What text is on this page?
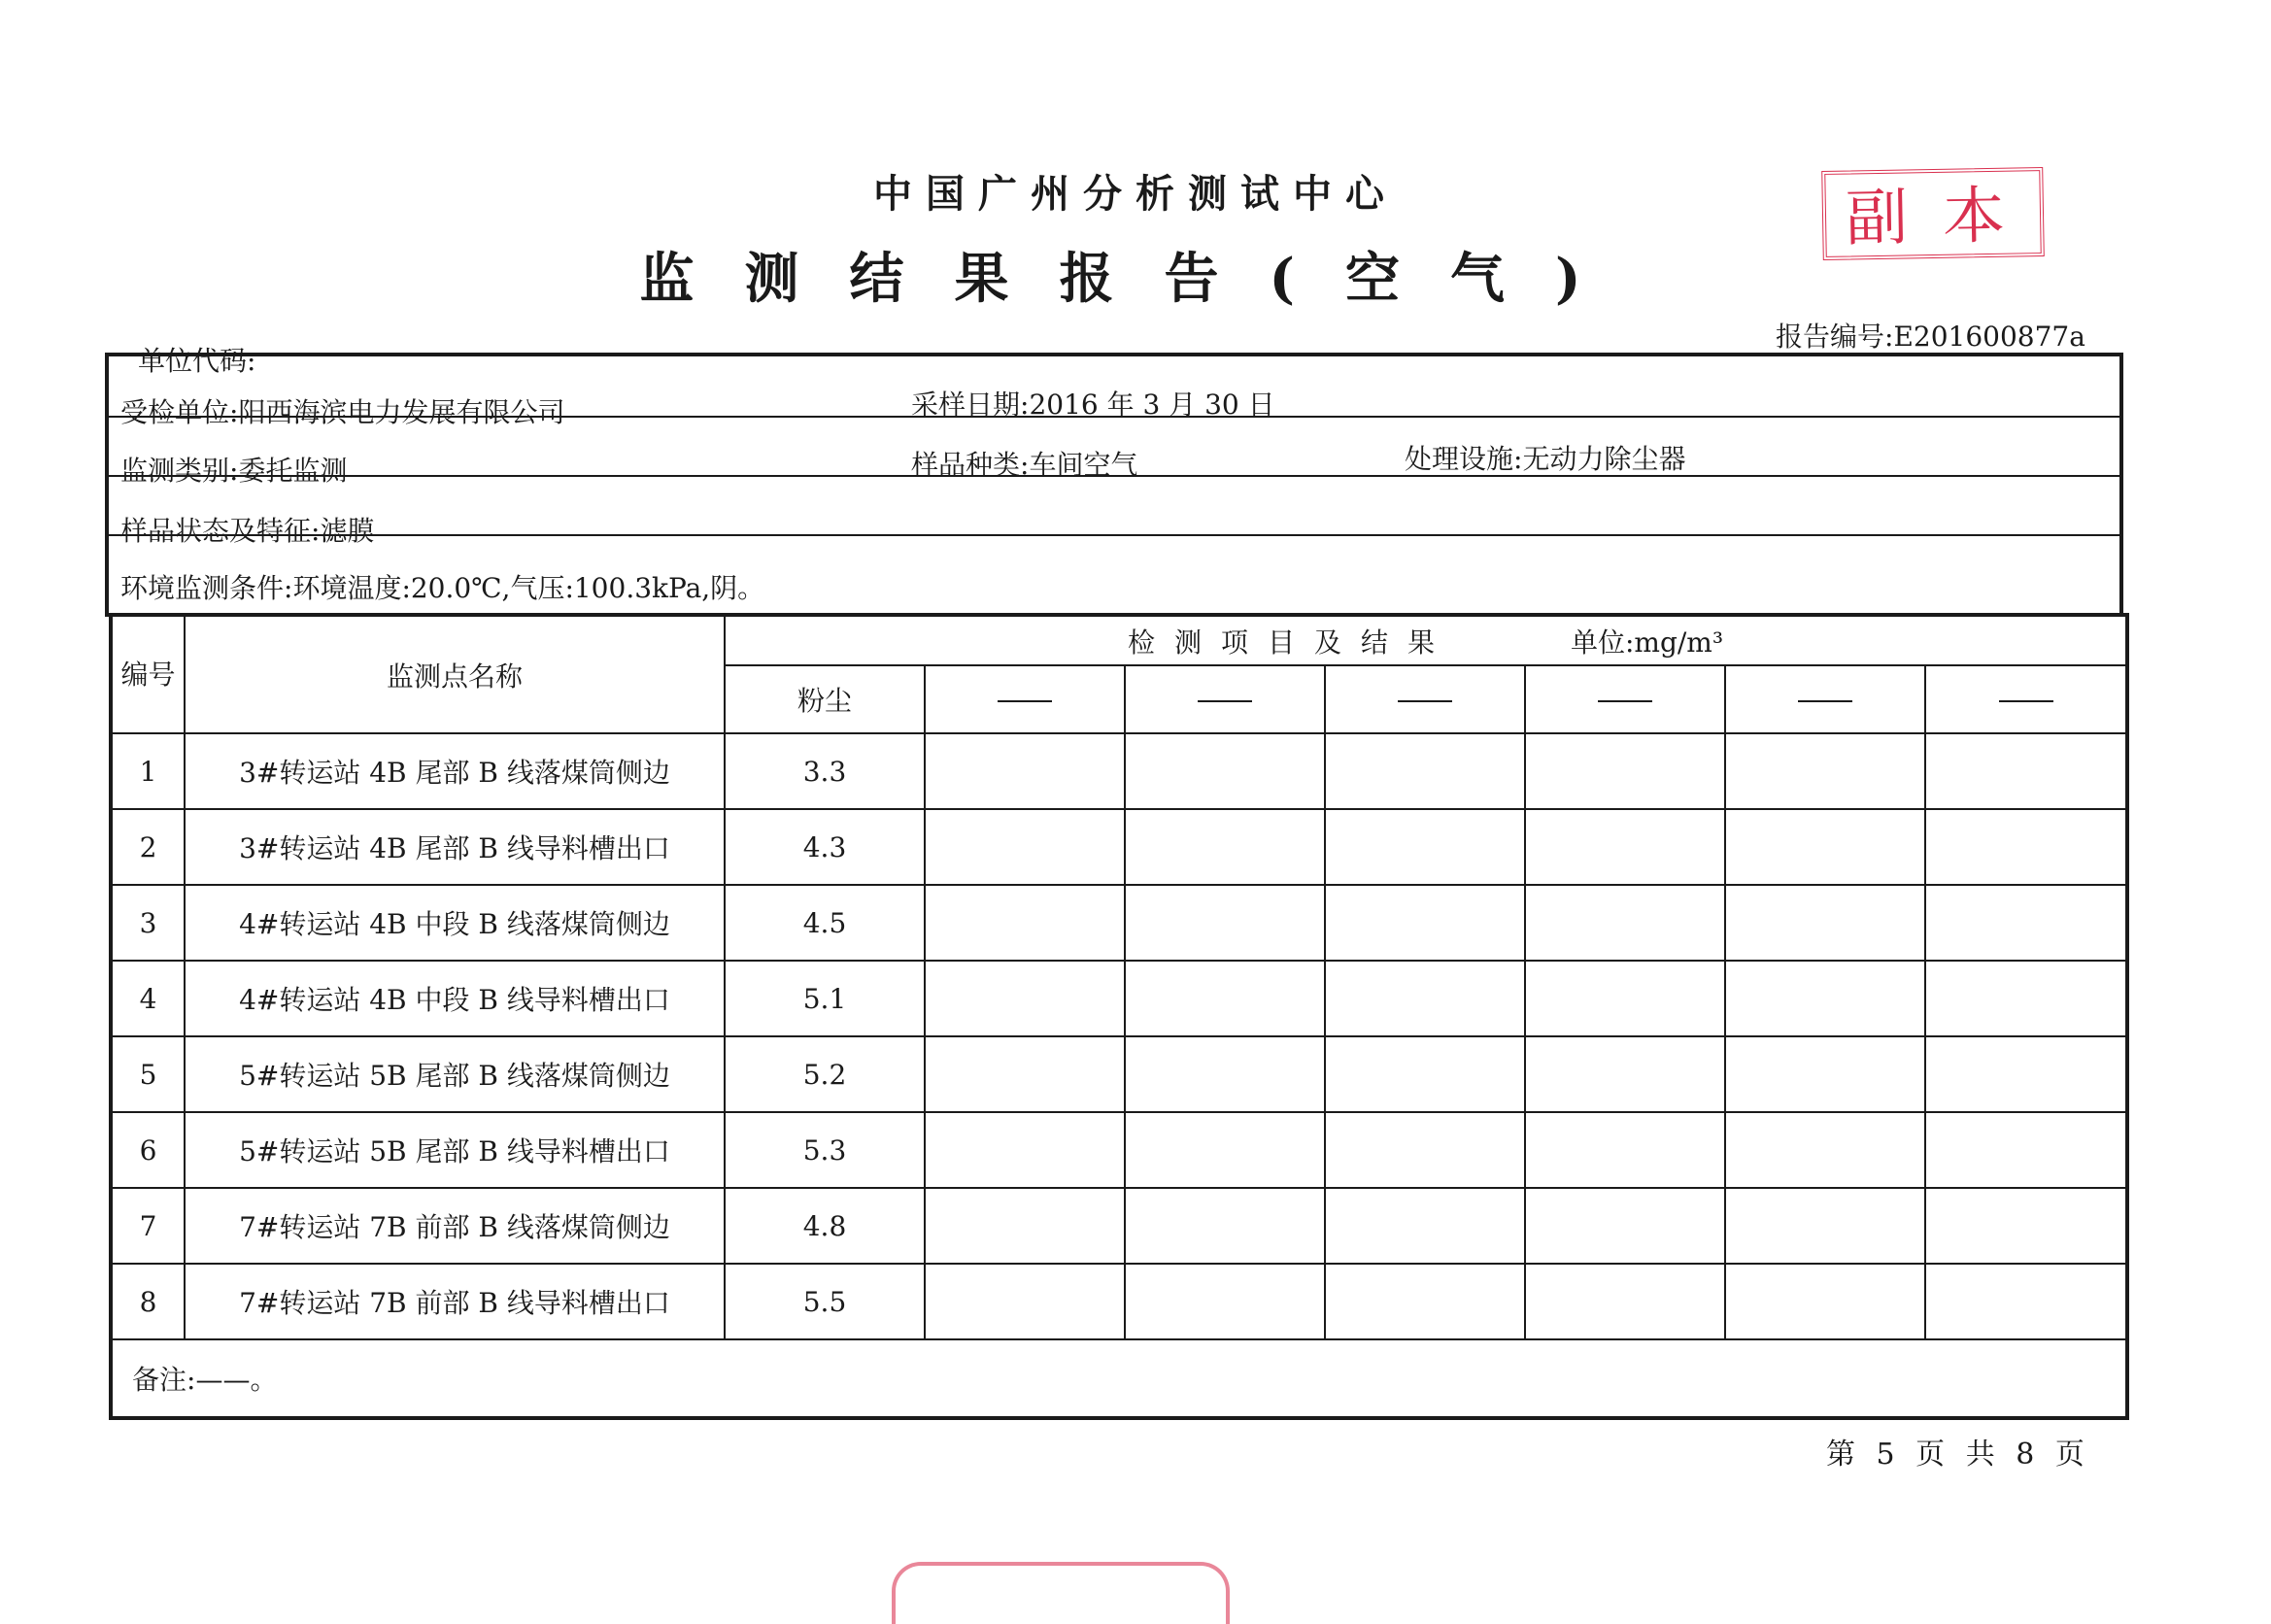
中国广州分析测试中心
监测结果报告(空气)
副本
单位代码:
报告编号:E201600877a
受检单位:阳西海滨电力发展有限公司	采样日期:2016 年 3 月 30 日
监测类别:委托监测	样品种类:车间空气	处理设施:无动力除尘器
样品状态及特征:滤膜
环境监测条件:环境温度:20.0℃,气压:100.3kPa,阴。
编号	监测点名称	检测项目及结果 单位:mg/m³						
		粉尘						
1	3#转运站 4B 尾部 B 线落煤筒侧边	3.3						
2	3#转运站 4B 尾部 B 线导料槽出口	4.3						
3	4#转运站 4B 中段 B 线落煤筒侧边	4.5						
4	4#转运站 4B 中段 B 线导料槽出口	5.1						
5	5#转运站 5B 尾部 B 线落煤筒侧边	5.2						
6	5#转运站 5B 尾部 B 线导料槽出口	5.3						
7	7#转运站 7B 前部 B 线落煤筒侧边	4.8						
8	7#转运站 7B 前部 B 线导料槽出口	5.5						
备注:——。								
第 5 页 共 8 页
